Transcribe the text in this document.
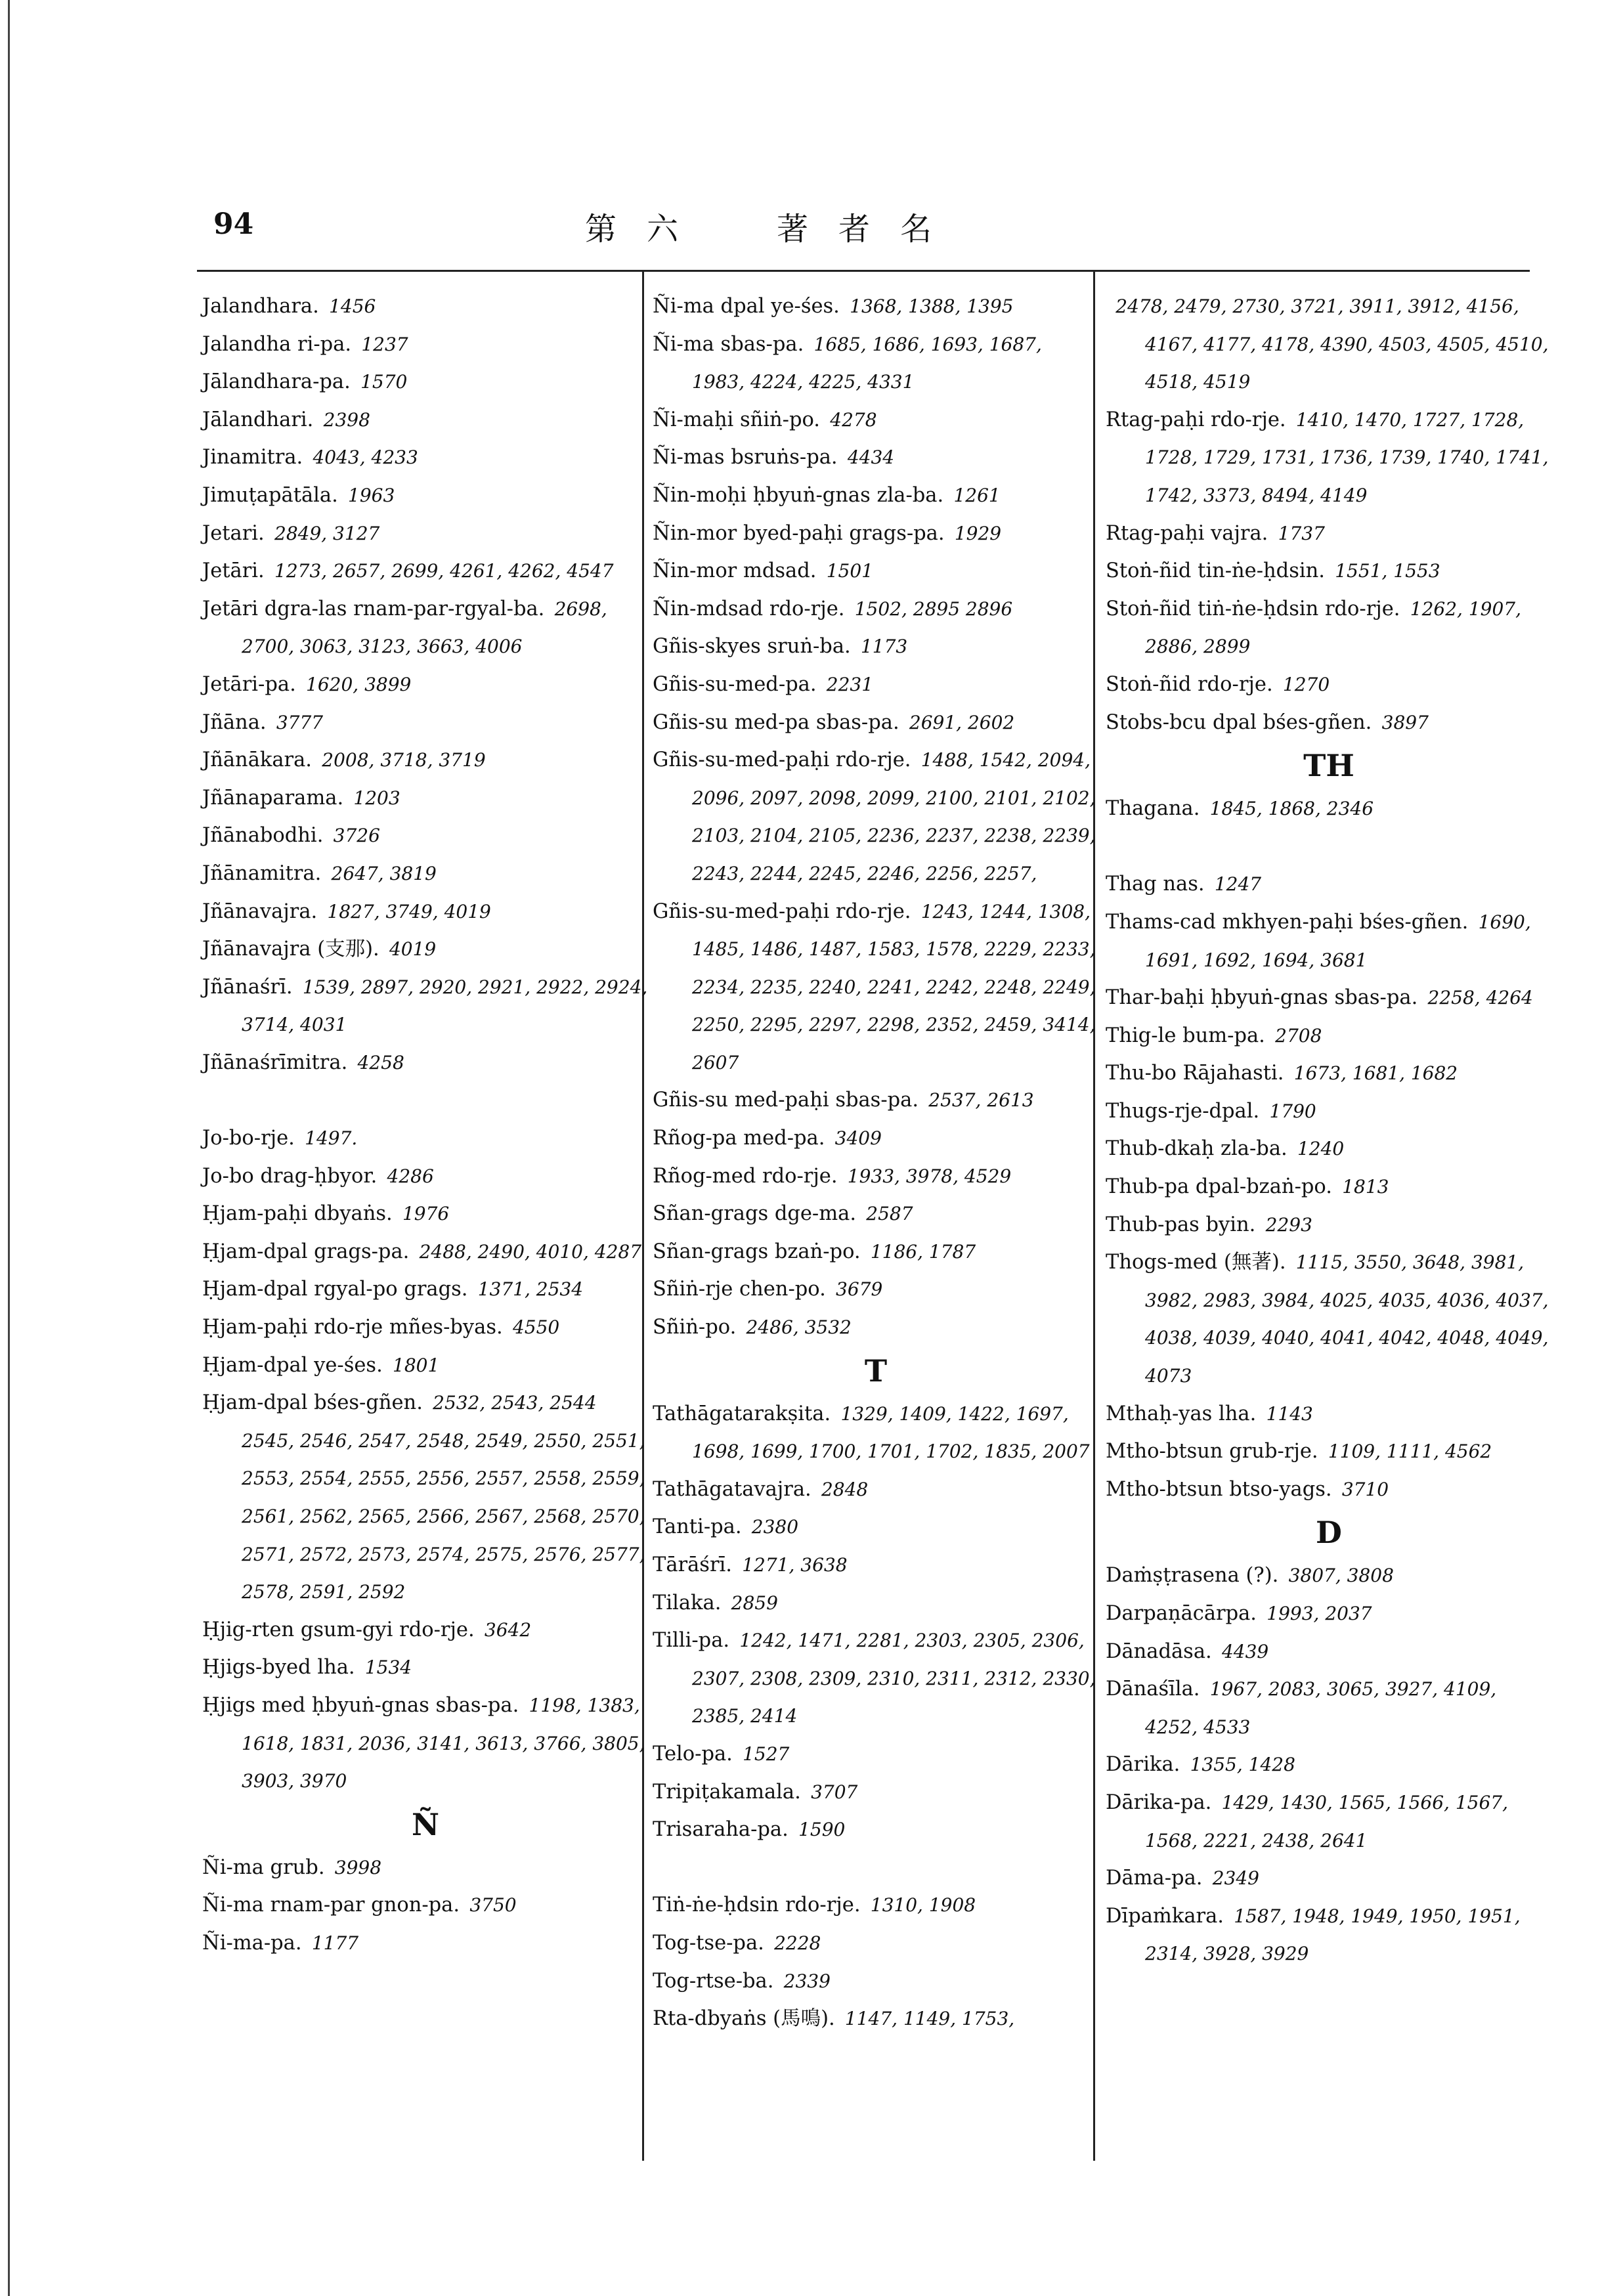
94	第 六	著 者 名
Jalandhara.  1456
Jalandha ri-pa.  1237
Jālandhara-pa.  1570
Jālandhari.  2398
Jinamitra.  4043, 4233
Jimuṭapātāla.  1963
Jetari.  2849, 3127
Jetāri.  1273, 2657, 2699, 4261, 4262, 4547
Jetāri dgra-las rnam-par-rgyal-ba.  2698, 2700, 3063, 3123, 3663, 4006
Jetāri-pa.  1620, 3899
Jñāna.  3777
Jñānākara.  2008, 3718, 3719
Jñānaparama.  1203
Jñānabodhi.  3726
Jñānamitra.  2647, 3819
Jñānavajra.  1827, 3749, 4019
Jñānavajra (支那).  4019
Jñānaśrī.  1539, 2897, 2920, 2921, 2922, 2924, 3714, 4031
Jñānaśrīmitra.  4258
Jo-bo-rje.  1497.
Jo-bo drag-ḥbyor.  4286
Ḥjam-paḥi dbyaṅs.  1976
Ḥjam-dpal grags-pa.  2488, 2490, 4010, 4287
Ḥjam-dpal rgyal-po grags.  1371, 2534
Ḥjam-paḥi rdo-rje mñes-byas.  4550
Ḥjam-dpal ye-śes.  1801
Ḥjam-dpal bśes-gñen.  2532, 2543, 2544 2545, 2546, 2547, 2548, 2549, 2550, 2551, 2553, 2554, 2555, 2556, 2557, 2558, 2559, 2561, 2562, 2565, 2566, 2567, 2568, 2570, 2571, 2572, 2573, 2574, 2575, 2576, 2577, 2578, 2591, 2592
Ḥjig-rten gsum-gyi rdo-rje.  3642
Ḥjigs-byed lha.  1534
Ḥjigs med ḥbyuṅ-gnas sbas-pa.  1198, 1383, 1618, 1831, 2036, 3141, 3613, 3766, 3805, 3903, 3970
Ñ
Ñi-ma grub.  3998
Ñi-ma rnam-par gnon-pa.  3750
Ñi-ma-pa.  1177
Ñi-ma dpal ye-śes.  1368, 1388, 1395
Ñi-ma sbas-pa.  1685, 1686, 1693, 1687, 1983, 4224, 4225, 4331
Ñi-maḥi sñiṅ-po.  4278
Ñi-mas bsruṅs-pa.  4434
Ñin-moḥi ḥbyuṅ-gnas zla-ba.  1261
Ñin-mor byed-paḥi grags-pa.  1929
Ñin-mor mdsad.  1501
Ñin-mdsad rdo-rje.  1502, 2895 2896
Gñis-skyes sruṅ-ba.  1173
Gñis-su-med-pa.  2231
Gñis-su med-pa sbas-pa.  2691, 2602
Gñis-su-med-paḥi rdo-rje.  1488, 1542, 2094, 2096, 2097, 2098, 2099, 2100, 2101, 2102, 2103, 2104, 2105, 2236, 2237, 2238, 2239, 2243, 2244, 2245, 2246, 2256, 2257,
Gñis-su-med-paḥi rdo-rje.  1243, 1244, 1308, 1485, 1486, 1487, 1583, 1578, 2229, 2233, 2234, 2235, 2240, 2241, 2242, 2248, 2249, 2250, 2295, 2297, 2298, 2352, 2459, 3414, 2607
Gñis-su med-paḥi sbas-pa.  2537, 2613
Rñog-pa med-pa.  3409
Rñog-med rdo-rje.  1933, 3978, 4529
Sñan-grags dge-ma.  2587
Sñan-grags bzaṅ-po.  1186, 1787
Sñiṅ-rje chen-po.  3679
Sñiṅ-po.  2486, 3532
T
Tathāgatarakṣita.  1329, 1409, 1422, 1697, 1698, 1699, 1700, 1701, 1702, 1835, 2007
Tathāgatavajra.  2848
Tanti-pa.  2380
Tārāśrī.  1271, 3638
Tilaka.  2859
Tilli-pa.  1242, 1471, 2281, 2303, 2305, 2306, 2307, 2308, 2309, 2310, 2311, 2312, 2330, 2385, 2414
Telo-pa.  1527
Tripiṭakamala.  3707
Trisaraha-pa.  1590
Tiṅ-ṅe-ḥdsin rdo-rje.  1310, 1908
Tog-tse-pa.  2228
Tog-rtse-ba.  2339
Rta-dbyaṅs (馬鳴).  1147, 1149, 1753,
 2478, 2479, 2730, 3721, 3911, 3912, 4156, 4167, 4177, 4178, 4390, 4503, 4505, 4510, 4518, 4519
Rtag-paḥi rdo-rje.  1410, 1470, 1727, 1728, 1728, 1729, 1731, 1736, 1739, 1740, 1741, 1742, 3373, 8494, 4149
Rtag-paḥi vajra.  1737
Stoṅ-ñid tin-ṅe-ḥdsin.  1551, 1553
Stoṅ-ñid tiṅ-ṅe-ḥdsin rdo-rje.  1262, 1907, 2886, 2899
Stoṅ-ñid rdo-rje.  1270
Stobs-bcu dpal bśes-gñen.  3897
TH
Thagana.  1845, 1868, 2346
Thag nas.  1247
Thams-cad mkhyen-paḥi bśes-gñen.  1690, 1691, 1692, 1694, 3681
Thar-baḥi ḥbyuṅ-gnas sbas-pa.  2258, 4264
Thig-le bum-pa.  2708
Thu-bo Rājahasti.  1673, 1681, 1682
Thugs-rje-dpal.  1790
Thub-dkaḥ zla-ba.  1240
Thub-pa dpal-bzaṅ-po.  1813
Thub-pas byin.  2293
Thogs-med (無著).  1115, 3550, 3648, 3981, 3982, 2983, 3984, 4025, 4035, 4036, 4037, 4038, 4039, 4040, 4041, 4042, 4048, 4049, 4073
Mthaḥ-yas lha.  1143
Mtho-btsun grub-rje.  1109, 1111, 4562
Mtho-btsun btso-yags.  3710
D
Daṁṣṭrasena (?).  3807, 3808
Darpaṇācārpa.  1993, 2037
Dānadāsa.  4439
Dānaśīla.  1967, 2083, 3065, 3927, 4109, 4252, 4533
Dārika.  1355, 1428
Dārika-pa.  1429, 1430, 1565, 1566, 1567, 1568, 2221, 2438, 2641
Dāma-pa.  2349
Dīpaṁkara.  1587, 1948, 1949, 1950, 1951, 2314, 3928, 3929
